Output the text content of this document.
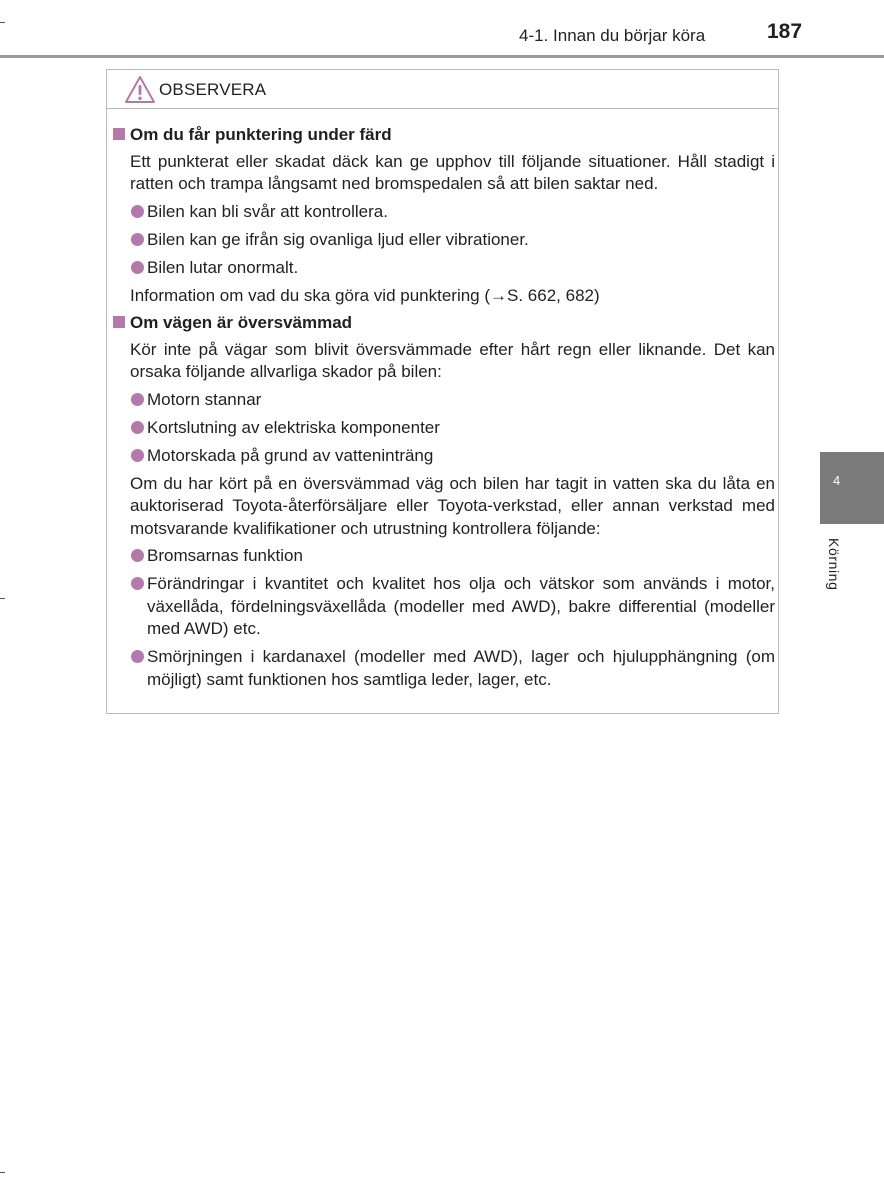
4-1. Innan du börjar köra	187
OBSERVERA
Om du får punktering under färd
Ett punkterat eller skadat däck kan ge upphov till följande situationer. Håll stadigt i ratten och trampa långsamt ned bromspedalen så att bilen saktar ned.
Bilen kan bli svår att kontrollera.
Bilen kan ge ifrån sig ovanliga ljud eller vibrationer.
Bilen lutar onormalt.
Information om vad du ska göra vid punktering (→S. 662, 682)
Om vägen är översvämmad
Kör inte på vägar som blivit översvämmade efter hårt regn eller liknande. Det kan orsaka följande allvarliga skador på bilen:
Motorn stannar
Kortslutning av elektriska komponenter
Motorskada på grund av vatteninträng
Om du har kört på en översvämmad väg och bilen har tagit in vatten ska du låta en auktoriserad Toyota-återförsäljare eller Toyota-verkstad, eller annan verkstad med motsvarande kvalifikationer och utrustning kontrollera följande:
Bromsarnas funktion
Förändringar i kvantitet och kvalitet hos olja och vätskor som används i motor, växellåda, fördelningsväxellåda (modeller med AWD), bakre differential (modeller med AWD) etc.
Smörjningen i kardanaxel (modeller med AWD), lager och hjulupphängning (om möjligt) samt funktionen hos samtliga leder, lager, etc.
4
Körning
